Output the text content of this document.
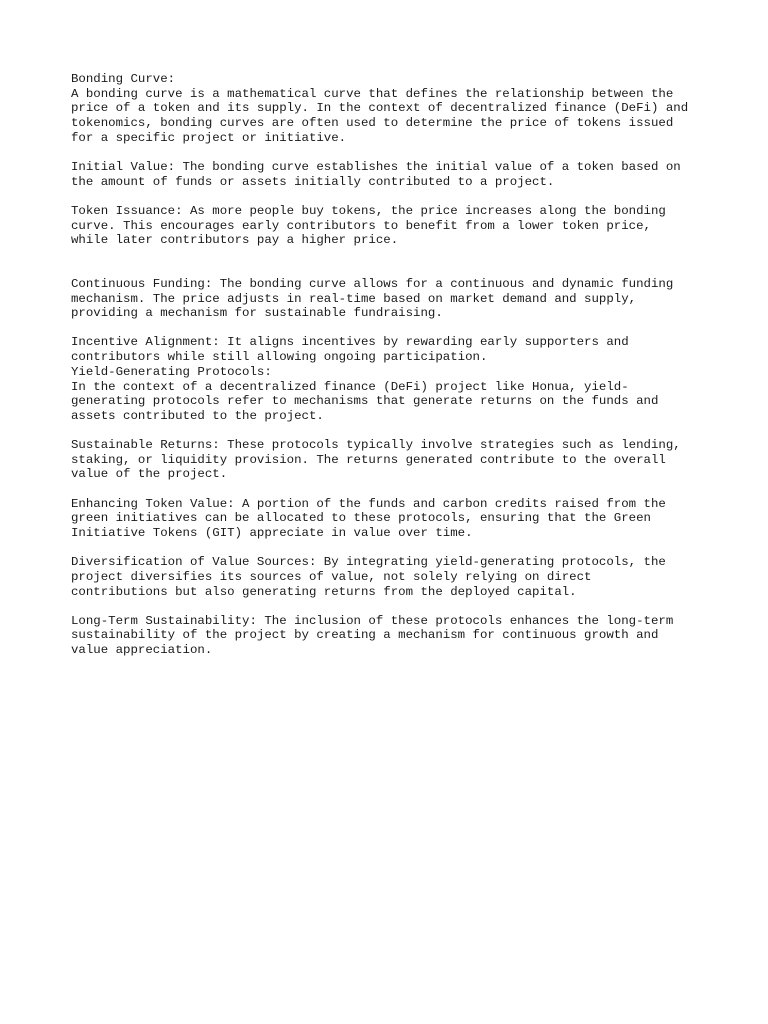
Bonding Curve:
A bonding curve is a mathematical curve that defines the relationship between the
price of a token and its supply. In the context of decentralized finance (DeFi) and
tokenomics, bonding curves are often used to determine the price of tokens issued
for a specific project or initiative.
Initial Value: The bonding curve establishes the initial value of a token based on
the amount of funds or assets initially contributed to a project.
Token Issuance: As more people buy tokens, the price increases along the bonding
curve. This encourages early contributors to benefit from a lower token price,
while later contributors pay a higher price.
Continuous Funding: The bonding curve allows for a continuous and dynamic funding
mechanism. The price adjusts in real-time based on market demand and supply,
providing a mechanism for sustainable fundraising.
Incentive Alignment: It aligns incentives by rewarding early supporters and
contributors while still allowing ongoing participation.
Yield-Generating Protocols:
In the context of a decentralized finance (DeFi) project like Honua, yield-
generating protocols refer to mechanisms that generate returns on the funds and
assets contributed to the project.
Sustainable Returns: These protocols typically involve strategies such as lending,
staking, or liquidity provision. The returns generated contribute to the overall
value of the project.
Enhancing Token Value: A portion of the funds and carbon credits raised from the
green initiatives can be allocated to these protocols, ensuring that the Green
Initiative Tokens (GIT) appreciate in value over time.
Diversification of Value Sources: By integrating yield-generating protocols, the
project diversifies its sources of value, not solely relying on direct
contributions but also generating returns from the deployed capital.
Long-Term Sustainability: The inclusion of these protocols enhances the long-term
sustainability of the project by creating a mechanism for continuous growth and
value appreciation.
